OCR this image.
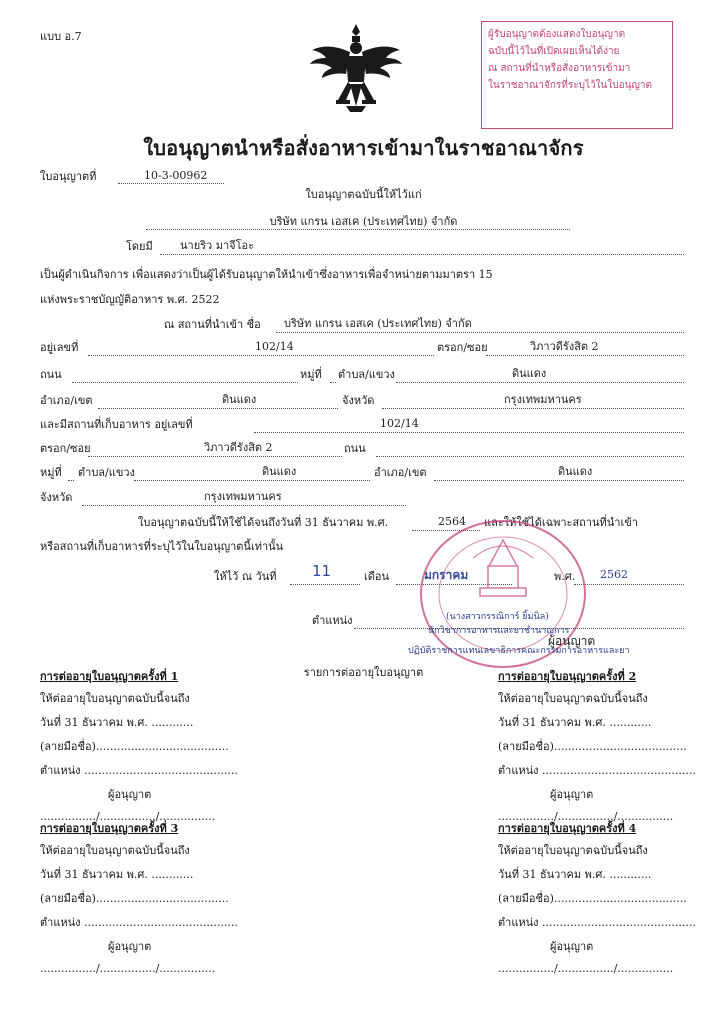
แบบ อ.7	ผู้รับอนุญาตต้องแสดงใบอนุญาต
ฉบับนี้ไว้ในที่เปิดเผยเห็นได้ง่าย
ณ สถานที่นำหรือสั่งอาหารเข้ามา
ในราชอาณาจักรที่ระบุไว้ในใบอนุญาต
ใบอนุญาตนำหรือสั่งอาหารเข้ามาในราชอาณาจักร
ใบอนุญาตที่	10-3-00962
ใบอนุญาตฉบับนี้ให้ไว้แก่
บริษัท แกรน เอสเค (ประเทศไทย) จำกัด
โดยมี นายริว มาจีโอะ
เป็นผู้ดำเนินกิจการ เพื่อแสดงว่าเป็นผู้ได้รับอนุญาตให้นำเข้าซึ่งอาหารเพื่อจำหน่ายตามมาตรา 15
แห่งพระราชบัญญัติอาหาร พ.ศ. 2522
ณ สถานที่นำเข้า ชื่อ บริษัท แกรน เอสเค (ประเทศไทย) จำกัด
อยู่เลขที่	102/14	ตรอก/ซอย	วิภาวดีรังสิต 2
ถนน	หมู่ที่ ตำบล/แขวง	ดินแดง
อำเภอ/เขต	ดินแดง	จังหวัด	กรุงเทพมหานคร
และมีสถานที่เก็บอาหาร อยู่เลขที่	102/14
ตรอก/ซอย	วิภาวดีรังสิต 2	ถนน
หมู่ที่ ตำบล/แขวง	ดินแดง	อำเภอ/เขต	ดินแดง
จังหวัด	กรุงเทพมหานคร
ใบอนุญาตฉบับนี้ให้ใช้ได้จนถึงวันที่ 31 ธันวาคม พ.ศ.	2564 และให้ใช้ได้เฉพาะสถานที่นำเข้า
หรือสถานที่เก็บอาหารที่ระบุไว้ในใบอนุญาตนี้เท่านั้น
ให้ไว้ ณ วันที่ 11	เดือน	มกราคม	พ.ศ. 2562
(นางสาวกรรณิการ์ ยิ้มนิล)
ตำแหน่ง
นักวิชาการอาหารและยาชำนาญการ
ผู้อนุญาต
ปฏิบัติราชการแทนเลขาธิการคณะกรรมการอาหารและยา
รายการต่ออายุใบอนุญาต
การต่ออายุใบอนุญาตครั้งที่ 1
ให้ต่ออายุใบอนุญาตฉบับนี้จนถึง
วันที่ 31 ธันวาคม พ.ศ. ............
(ลายมือชื่อ)......................................
ตำแหน่ง ............................................
ผู้อนุญาต
................/................/................
การต่ออายุใบอนุญาตครั้งที่ 2
ให้ต่ออายุใบอนุญาตฉบับนี้จนถึง
วันที่ 31 ธันวาคม พ.ศ. ............
(ลายมือชื่อ)......................................
ตำแหน่ง ............................................
ผู้อนุญาต
................/................/................
การต่ออายุใบอนุญาตครั้งที่ 3
ให้ต่ออายุใบอนุญาตฉบับนี้จนถึง
วันที่ 31 ธันวาคม พ.ศ. ............
(ลายมือชื่อ)......................................
ตำแหน่ง ............................................
ผู้อนุญาต
................/................/................
การต่ออายุใบอนุญาตครั้งที่ 4
ให้ต่ออายุใบอนุญาตฉบับนี้จนถึง
วันที่ 31 ธันวาคม พ.ศ. ............
(ลายมือชื่อ)......................................
ตำแหน่ง ............................................
ผู้อนุญาต
................/................/................
